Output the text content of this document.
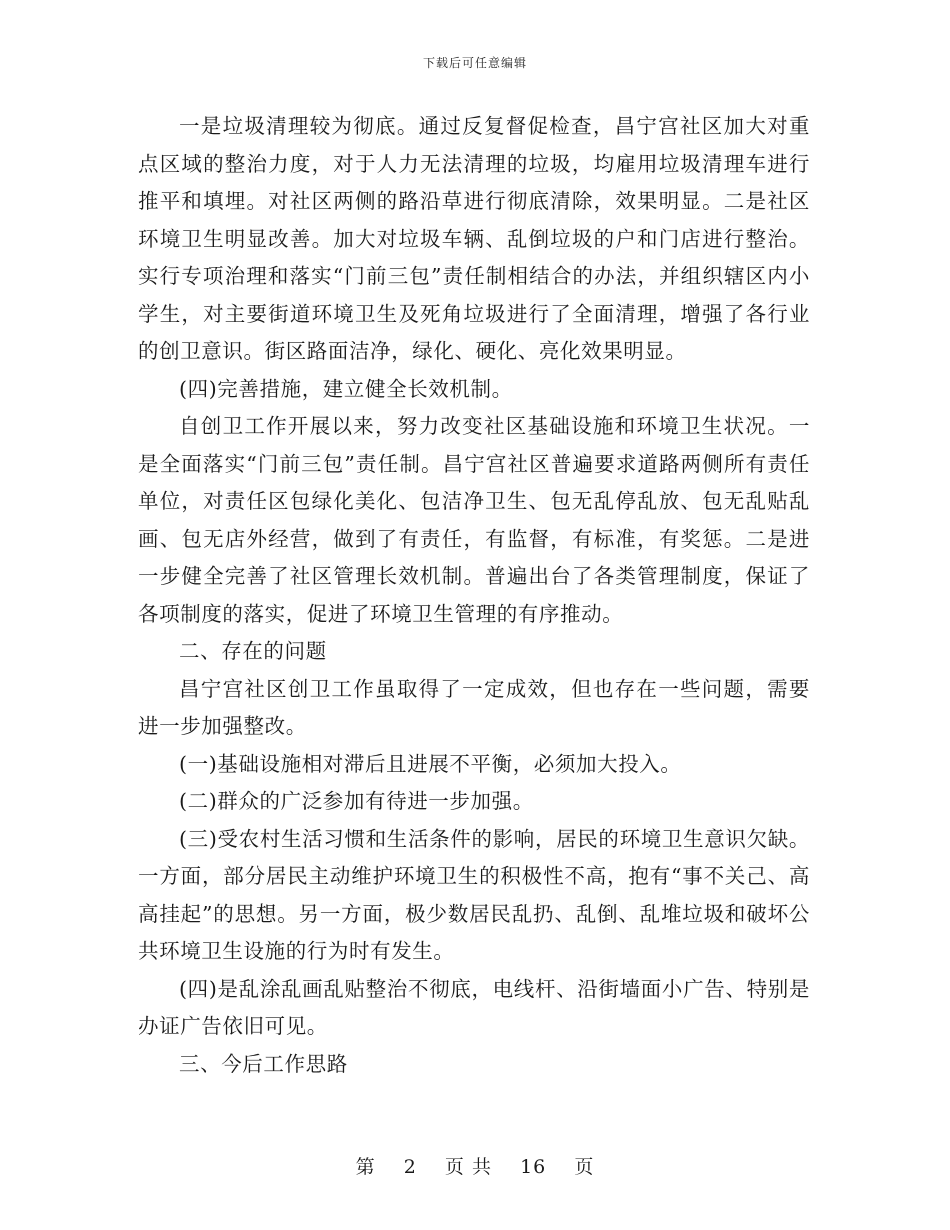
下载后可任意编辑

一是垃圾清理较为彻底。通过反复督促检查，昌宁宫社区加大对重点区域的整治力度，对于人力无法清理的垃圾，均雇用垃圾清理车进行推平和填埋。对社区两侧的路沿草进行彻底清除，效果明显。二是社区环境卫生明显改善。加大对垃圾车辆、乱倒垃圾的户和门店进行整治。实行专项治理和落实“门前三包”责任制相结合的办法，并组织辖区内小学生，对主要街道环境卫生及死角垃圾进行了全面清理，增强了各行业的创卫意识。街区路面洁净，绿化、硬化、亮化效果明显。

(四)完善措施，建立健全长效机制。

自创卫工作开展以来，努力改变社区基础设施和环境卫生状况。一是全面落实“门前三包”责任制。昌宁宫社区普遍要求道路两侧所有责任单位，对责任区包绿化美化、包洁净卫生、包无乱停乱放、包无乱贴乱画、包无店外经营，做到了有责任，有监督，有标准，有奖惩。二是进一步健全完善了社区管理长效机制。普遍出台了各类管理制度，保证了各项制度的落实，促进了环境卫生管理的有序推动。

二、存在的问题

昌宁宫社区创卫工作虽取得了一定成效，但也存在一些问题，需要进一步加强整改。

(一)基础设施相对滞后且进展不平衡，必须加大投入。

(二)群众的广泛参加有待进一步加强。

(三)受农村生活习惯和生活条件的影响，居民的环境卫生意识欠缺。一方面，部分居民主动维护环境卫生的积极性不高，抱有“事不关己、高高挂起”的思想。另一方面，极少数居民乱扔、乱倒、乱堆垃圾和破坏公共环境卫生设施的行为时有发生。

(四)是乱涂乱画乱贴整治不彻底，电线杆、沿街墙面小广告、特别是办证广告依旧可见。

三、今后工作思路

第 2 页 共 16 页
